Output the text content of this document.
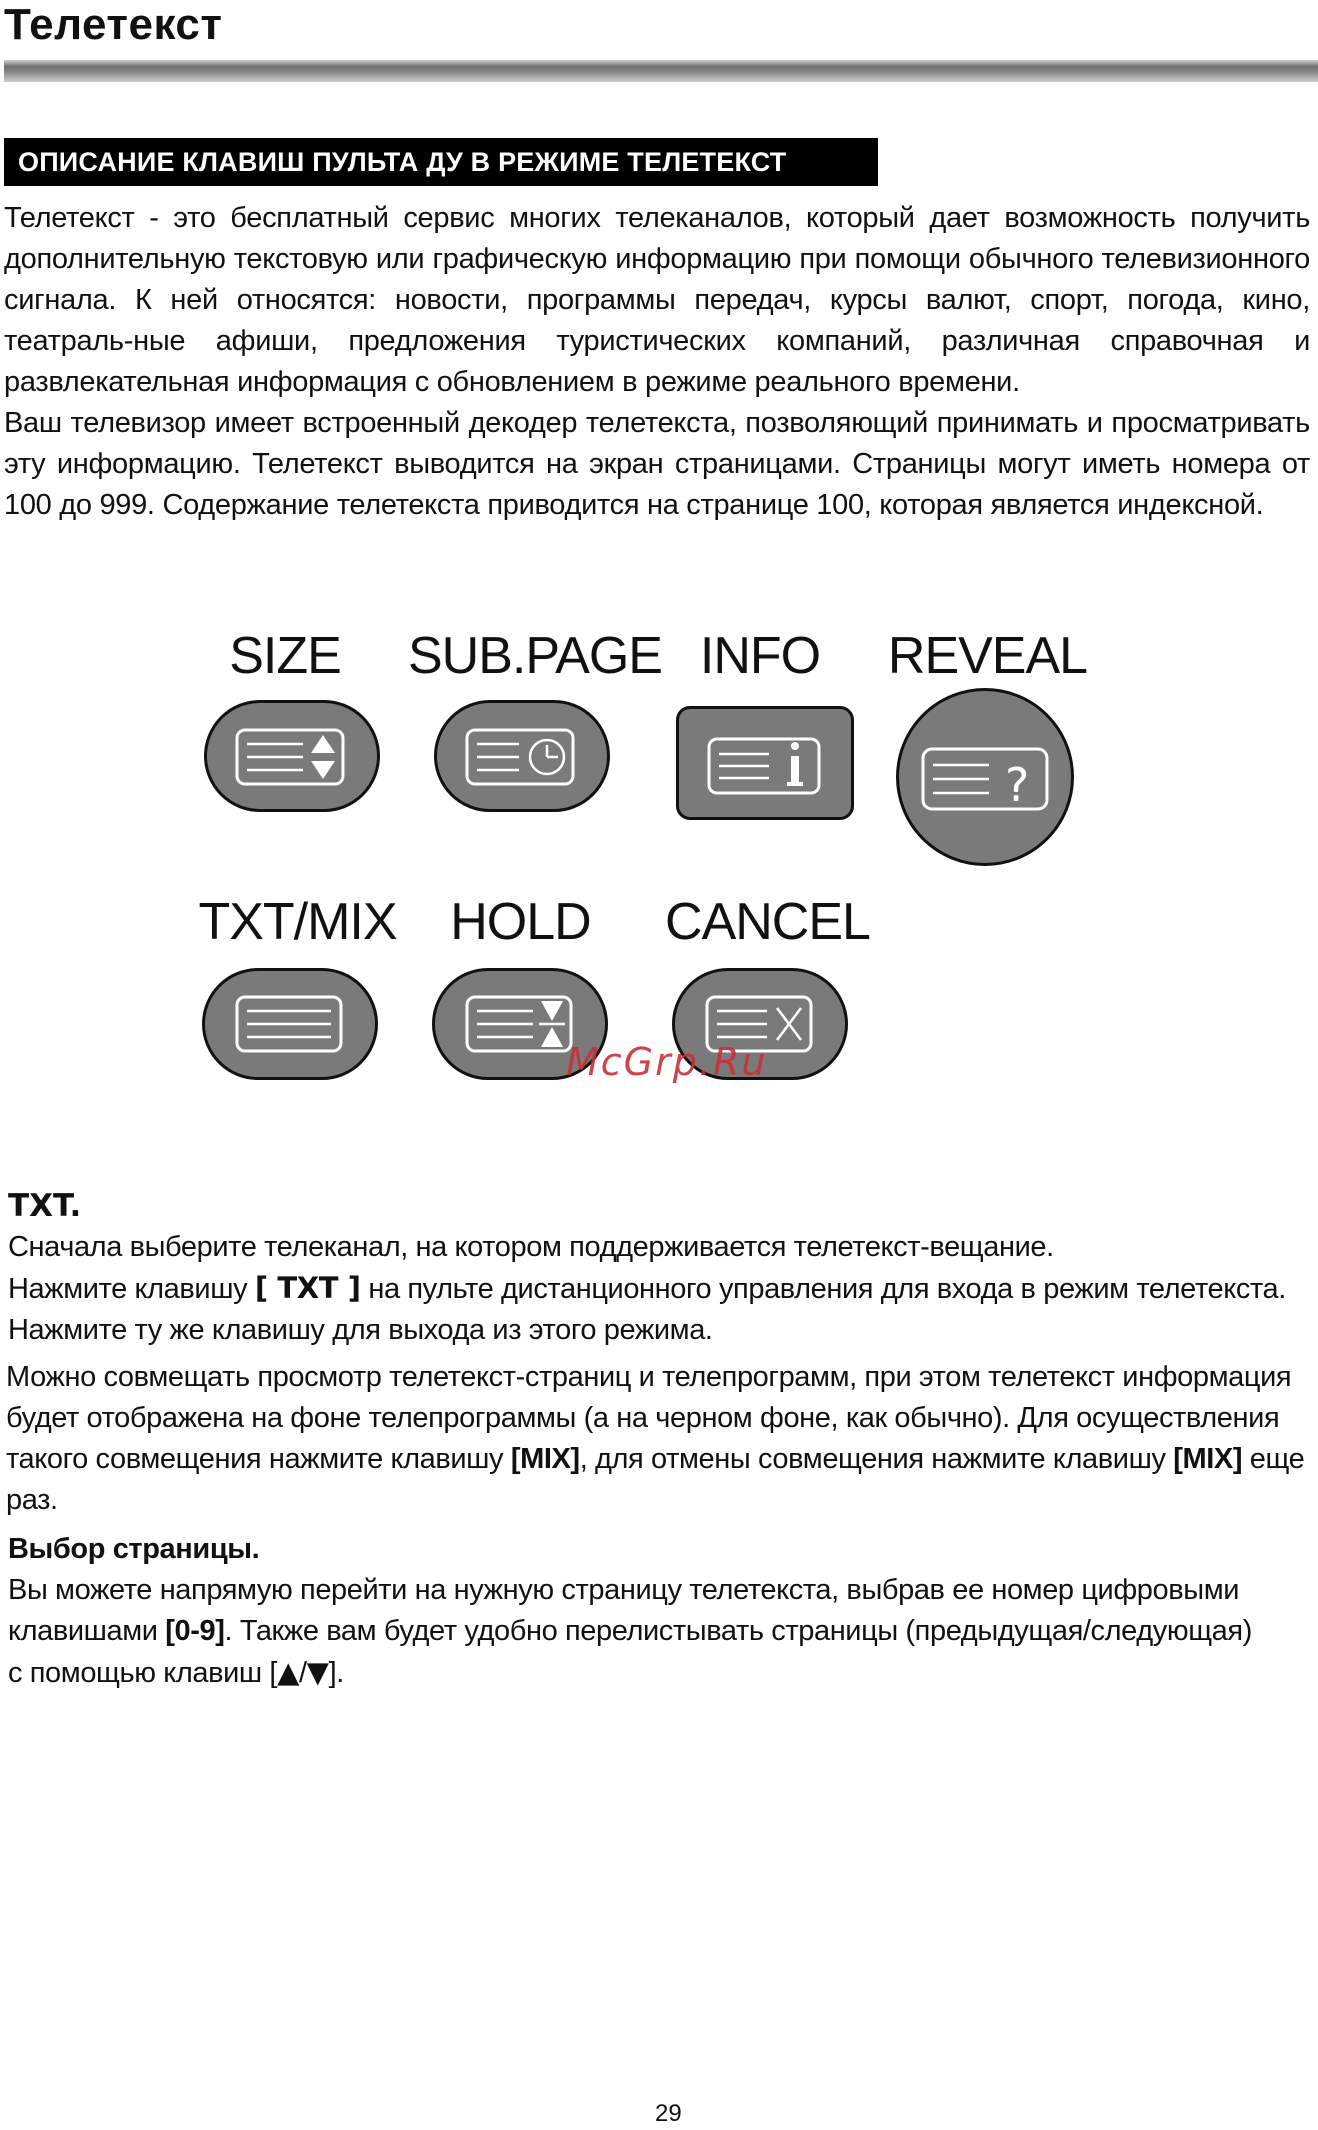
Телетекст
ОПИСАНИЕ КЛАВИШ ПУЛЬТА ДУ В РЕЖИМЕ ТЕЛЕТЕКСТ

Телетекст - это бесплатный сервис многих телеканалов, который дает возможность получить дополнительную текстовую или графическую информацию при помощи обычного телевизионного сигнала. К ней относятся: новости, программы передач, курсы валют, спорт, погода, кино, театраль-ные афиши, предложения туристических компаний, различная справочная и развлекательная информация с обновлением в режиме реального времени.

Ваш телевизор имеет встроенный декодер телетекста, позволяющий принимать и просматривать эту информацию. Телетекст выводится на экран страницами. Страницы могут иметь номера от 100 до 999. Содержание телетекста приводится на странице 100, которая является индексной.

SIZE	SUB.PAGE INFO	REVEAL
?
TXT/MIX HOLD CANCEL
McGrp.Ru
TXT.
Сначала выберите телеканал, на котором поддерживается телетекст-вещание.
Нажмите клавишу [ TXT ] на пульте дистанционного управления для входа в режим телетекста.
Нажмите ту же клавишу для выхода из этого режима.

Можно совмещать просмотр телетекст-страниц и телепрограмм, при этом телетекст информация будет отображена на фоне телепрограммы (а на черном фоне, как обычно). Для осуществления такого совмещения нажмите клавишу [MIX], для отмены совмещения нажмите клавишу [MIX] еще раз.

Выбор страницы.
Вы можете напрямую перейти на нужную страницу телетекста, выбрав ее номер цифровыми клавишами [0-9]. Также вам будет удобно перелистывать страницы (предыдущая/следующая) с помощью клавиш [▲/▼].
29
